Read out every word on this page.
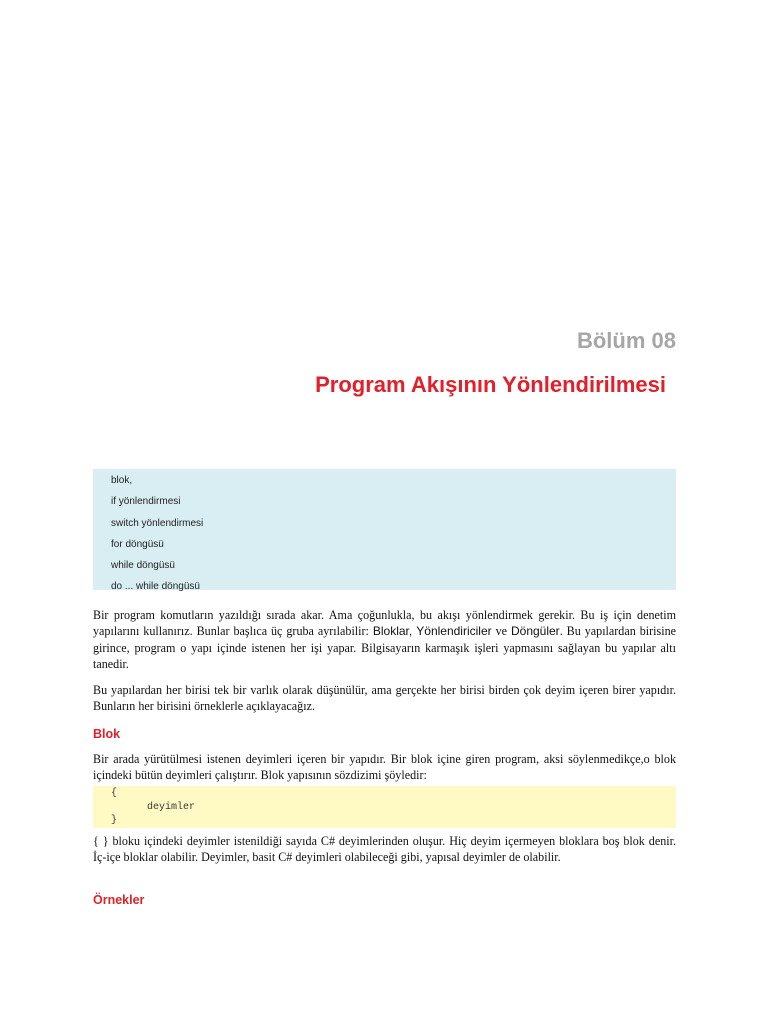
Bölüm 08
Program Akışının Yönlendirilmesi
blok,
if yönlendirmesi
switch yönlendirmesi
for döngüsü
while döngüsü
do ... while döngüsü

Bir program komutların yazıldığı sırada akar. Ama çoğunlukla, bu akışı yönlendirmek gerekir. Bu iş için denetim yapılarını kullanırız. Bunlar başlıca üç gruba ayrılabilir: Bloklar, Yönlendiriciler ve Döngüler. Bu yapılardan birisine girince, program o yapı içinde istenen her işi yapar. Bilgisayarın karmaşık işleri yapmasını sağlayan bu yapılar altı tanedir.

Bu yapılardan her birisi tek bir varlık olarak düşünülür, ama gerçekte her birisi birden çok deyim içeren birer yapıdır. Bunların her birisini örneklerle açıklayacağız.

Blok

Bir arada yürütülmesi istenen deyimleri içeren bir yapıdır. Bir blok içine giren program, aksi söylenmedikçe,o blok içindeki bütün deyimleri çalıştırır. Blok yapısının sözdizimi şöyledir:

{
deyimler
}

{ } bloku içindeki deyimler istenildiği sayıda C# deyimlerinden oluşur. Hiç deyim içermeyen bloklara boş blok denir. İç-içe bloklar olabilir. Deyimler, basit C# deyimleri olabileceği gibi, yapısal deyimler de olabilir.

Örnekler
